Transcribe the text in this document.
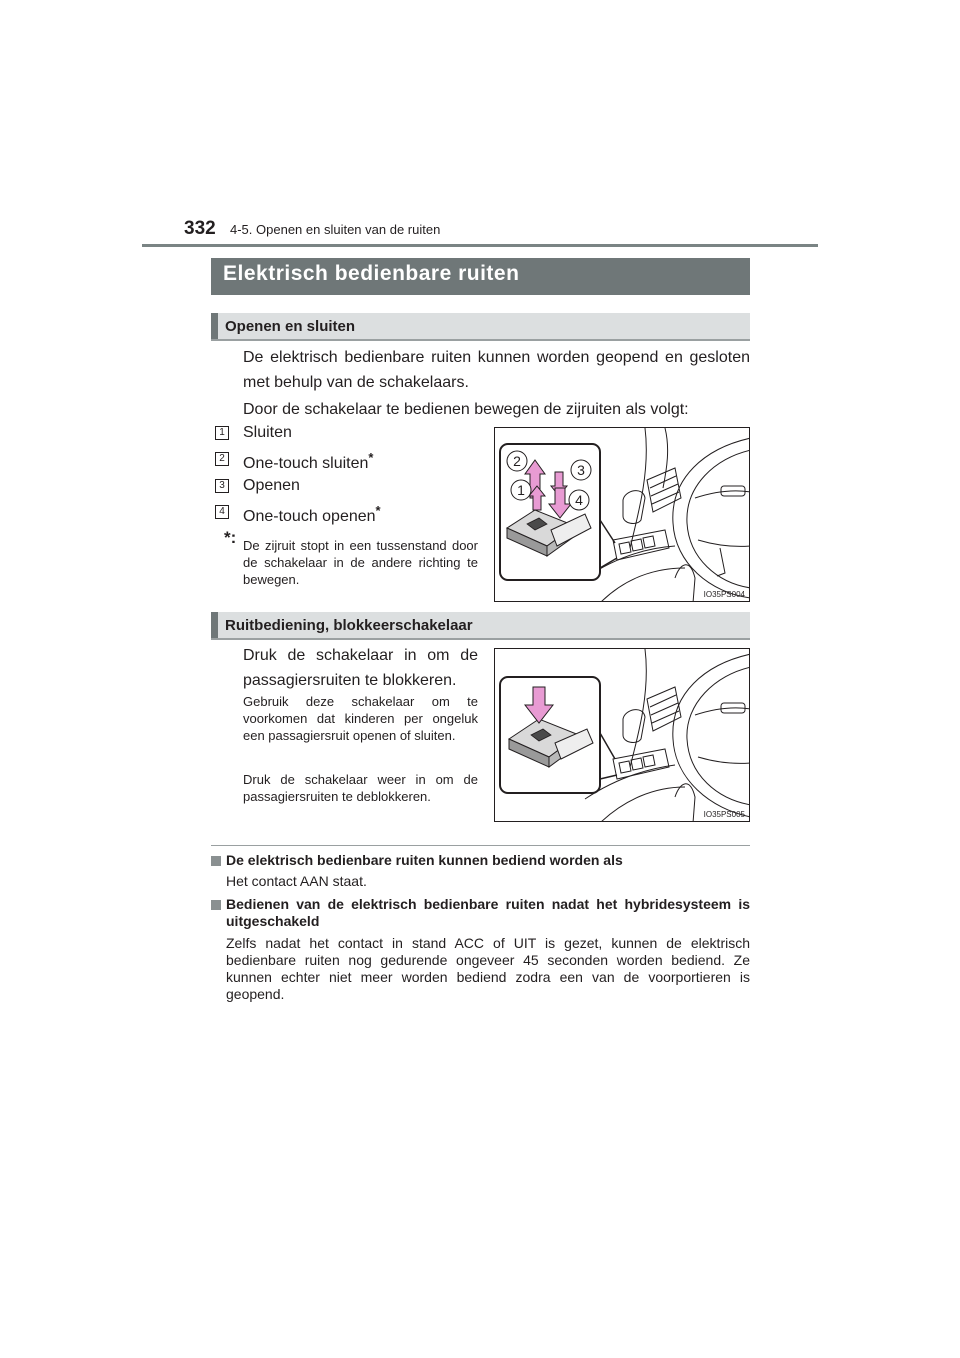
332 4-5. Openen en sluiten van de ruiten
Elektrisch bedienbare ruiten
Openen en sluiten
De elektrisch bedienbare ruiten kunnen worden geopend en gesloten met behulp van de schakelaars.
Door de schakelaar te bedienen bewegen de zijruiten als volgt:
1 Sluiten
2 One-touch sluiten*
3 Openen
4 One-touch openen*
*: De zijruit stopt in een tussenstand door de schakelaar in de andere richting te bewegen.
2
3
1
4
IO35PS004
Ruitbediening, blokkeerschakelaar
Druk de schakelaar in om de passagiersruiten te blokkeren.
Gebruik deze schakelaar om te voorkomen dat kinderen per ongeluk een passagiersruit openen of sluiten.
Druk de schakelaar weer in om de passagiersruiten te deblokkeren.
IO35PS005
De elektrisch bedienbare ruiten kunnen bediend worden als
Het contact AAN staat.
Bedienen van de elektrisch bedienbare ruiten nadat het hybridesysteem is uitgeschakeld
Zelfs nadat het contact in stand ACC of UIT is gezet, kunnen de elektrisch bedienbare ruiten nog gedurende ongeveer 45 seconden worden bediend. Ze kunnen echter niet meer worden bediend zodra een van de voorportieren is geopend.
